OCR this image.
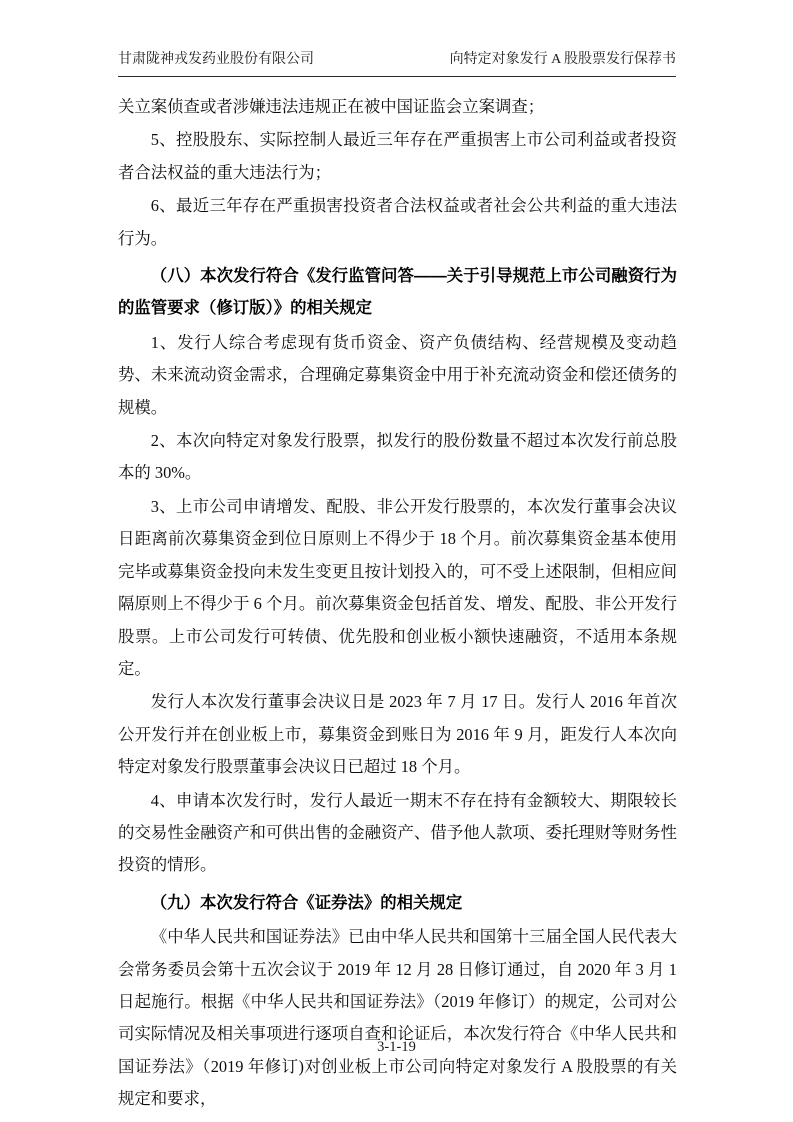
甘肃陇神戎发药业股份有限公司	向特定对象发行 A 股股票发行保荐书

关立案侦查或者涉嫌违法违规正在被中国证监会立案调查；

5、控股股东、实际控制人最近三年存在严重损害上市公司利益或者投资者合法权益的重大违法行为；

6、最近三年存在严重损害投资者合法权益或者社会公共利益的重大违法行为。

（八）本次发行符合《发行监管问答——关于引导规范上市公司融资行为的监管要求（修订版）》的相关规定

1、发行人综合考虑现有货币资金、资产负债结构、经营规模及变动趋势、未来流动资金需求，合理确定募集资金中用于补充流动资金和偿还债务的规模。

2、本次向特定对象发行股票，拟发行的股份数量不超过本次发行前总股本的 30%。

3、上市公司申请增发、配股、非公开发行股票的，本次发行董事会决议日距离前次募集资金到位日原则上不得少于 18 个月。前次募集资金基本使用完毕或募集资金投向未发生变更且按计划投入的，可不受上述限制，但相应间隔原则上不得少于 6 个月。前次募集资金包括首发、增发、配股、非公开发行股票。上市公司发行可转债、优先股和创业板小额快速融资，不适用本条规定。

发行人本次发行董事会决议日是 2023 年 7 月 17 日。发行人 2016 年首次公开发行并在创业板上市，募集资金到账日为 2016 年 9 月，距发行人本次向特定对象发行股票董事会决议日已超过 18 个月。

4、申请本次发行时，发行人最近一期末不存在持有金额较大、期限较长的交易性金融资产和可供出售的金融资产、借予他人款项、委托理财等财务性投资的情形。

（九）本次发行符合《证券法》的相关规定

《中华人民共和国证券法》已由中华人民共和国第十三届全国人民代表大会常务委员会第十五次会议于 2019 年 12 月 28 日修订通过，自 2020 年 3 月 1 日起施行。根据《中华人民共和国证券法》（2019 年修订）的规定，公司对公司实际情况及相关事项进行逐项自查和论证后，本次发行符合《中华人民共和国证券法》（2019 年修订)对创业板上市公司向特定对象发行 A 股股票的有关规定和要求，

3-1-19
